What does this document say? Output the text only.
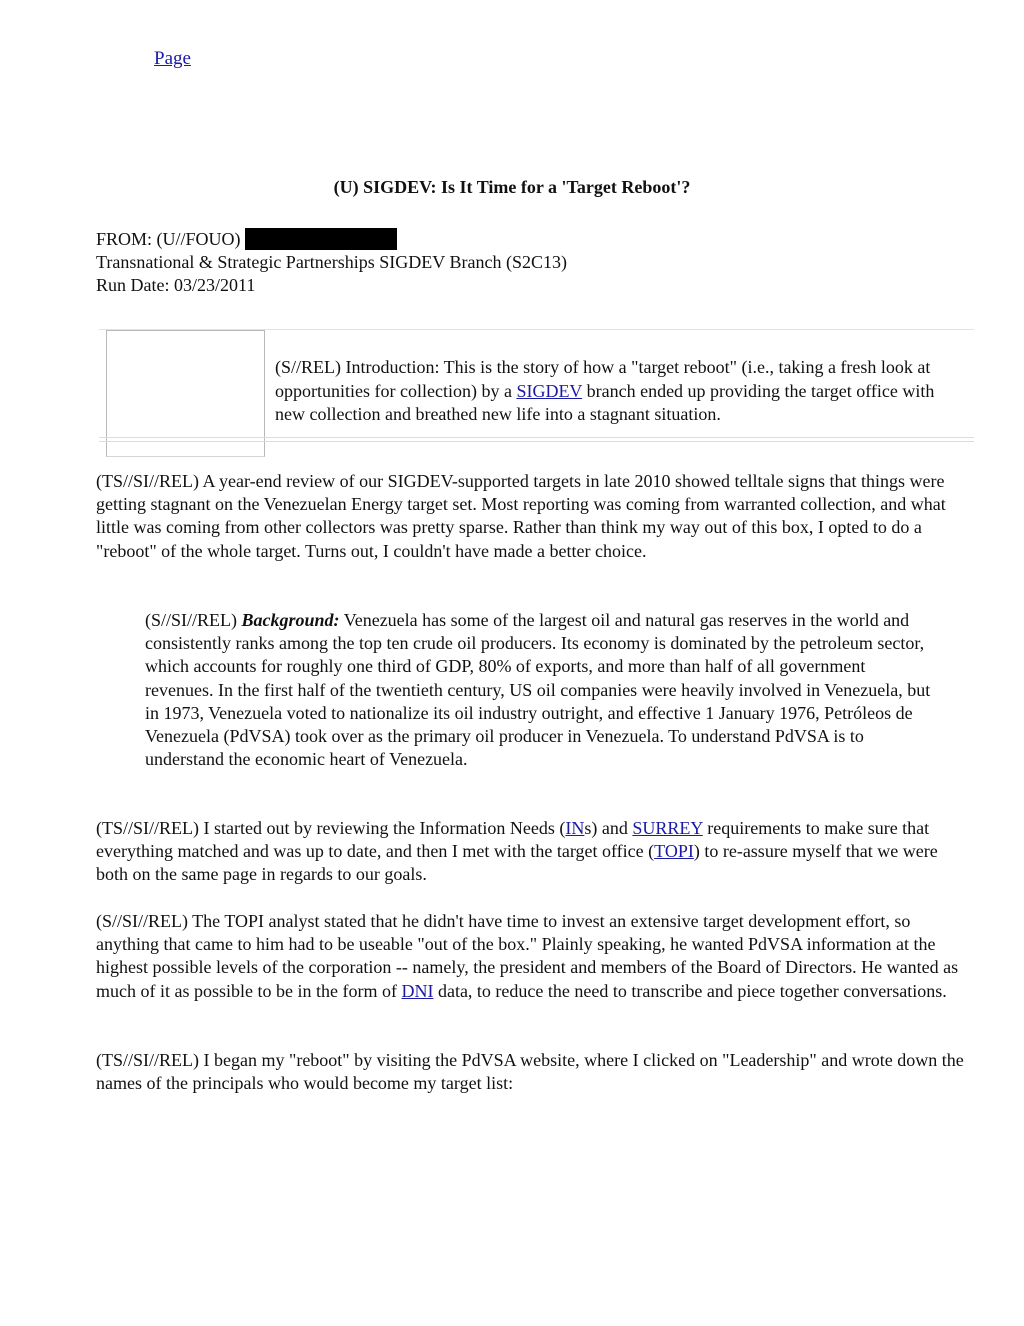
Page
(U) SIGDEV: Is It Time for a 'Target Reboot'?
FROM: (U//FOUO)
Transnational & Strategic Partnerships SIGDEV Branch (S2C13)
Run Date: 03/23/2011
(S//REL) Introduction: This is the story of how a "target reboot" (i.e., taking a fresh look at opportunities for collection) by a SIGDEV branch ended up providing the target office with new collection and breathed new life into a stagnant situation.
(TS//SI//REL) A year-end review of our SIGDEV-supported targets in late 2010 showed telltale signs that things were getting stagnant on the Venezuelan Energy target set. Most reporting was coming from warranted collection, and what little was coming from other collectors was pretty sparse. Rather than think my way out of this box, I opted to do a "reboot" of the whole target. Turns out, I couldn't have made a better choice.
(S//SI//REL) Background: Venezuela has some of the largest oil and natural gas reserves in the world and consistently ranks among the top ten crude oil producers. Its economy is dominated by the petroleum sector, which accounts for roughly one third of GDP, 80% of exports, and more than half of all government revenues. In the first half of the twentieth century, US oil companies were heavily involved in Venezuela, but in 1973, Venezuela voted to nationalize its oil industry outright, and effective 1 January 1976, Petróleos de Venezuela (PdVSA) took over as the primary oil producer in Venezuela. To understand PdVSA is to understand the economic heart of Venezuela.
(TS//SI//REL) I started out by reviewing the Information Needs (INs) and SURREY requirements to make sure that everything matched and was up to date, and then I met with the target office (TOPI) to re-assure myself that we were both on the same page in regards to our goals.
(S//SI//REL) The TOPI analyst stated that he didn't have time to invest an extensive target development effort, so anything that came to him had to be useable "out of the box." Plainly speaking, he wanted PdVSA information at the highest possible levels of the corporation -- namely, the president and members of the Board of Directors. He wanted as much of it as possible to be in the form of DNI data, to reduce the need to transcribe and piece together conversations.
(TS//SI//REL) I began my "reboot" by visiting the PdVSA website, where I clicked on "Leadership" and wrote down the names of the principals who would become my target list:
